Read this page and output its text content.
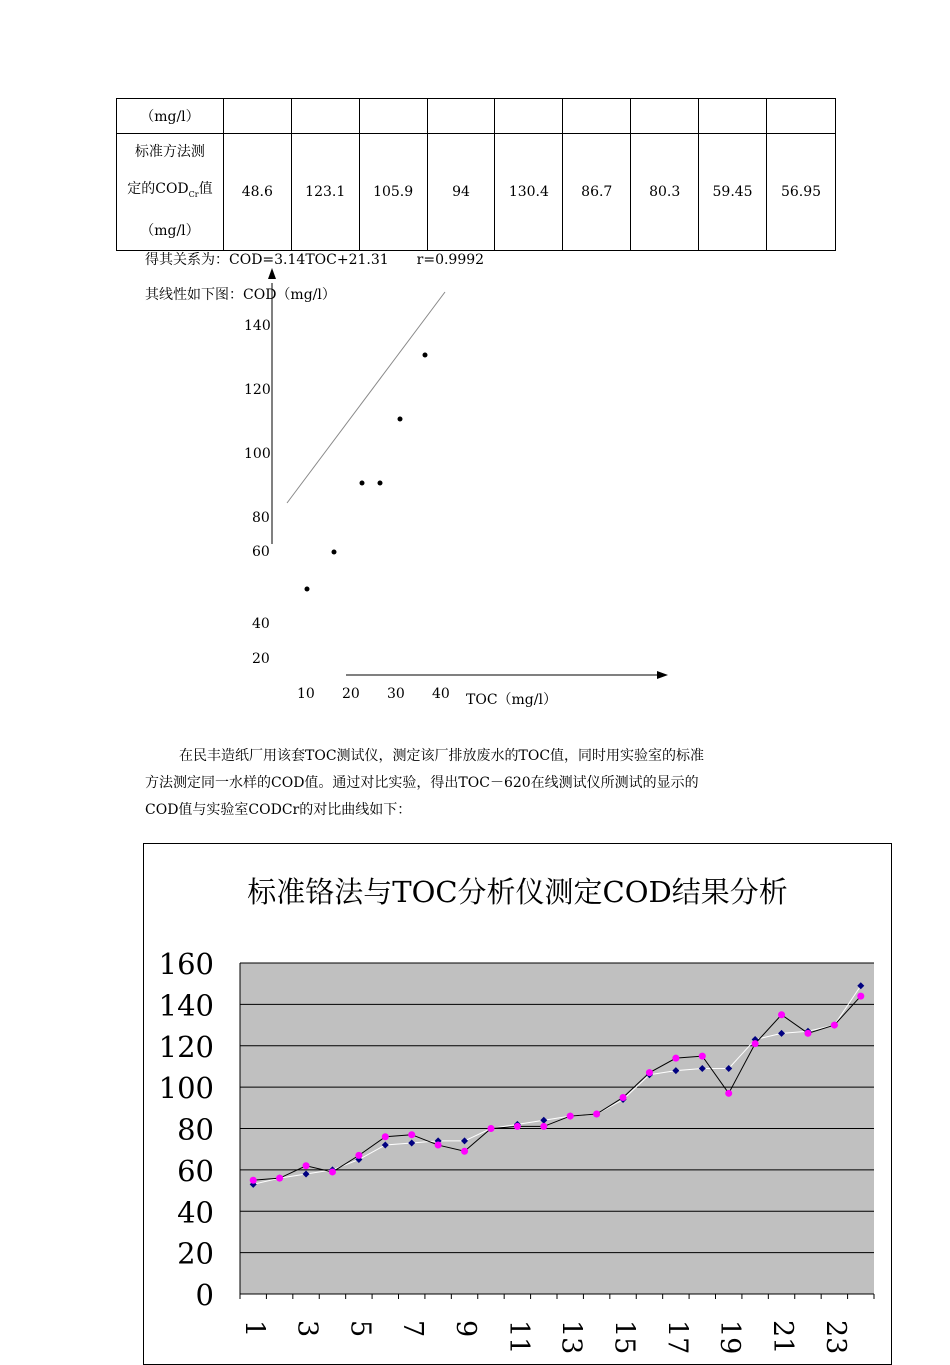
（mg/l）									

标准方法测
定的$COD_{Cr}$值
（mg/l）	48.6	123.1	105.9	94	130.4	86.7	80.3	59.45	56.95
得其关系为：COD=3.14TOC+21.31　　r=0.9992
其线性如下图：COD（mg/l）
140
120
100
80
60
40
20
10 20 30 40 TOC（mg/l）
在民丰造纸厂用该套TOC测试仪，测定该厂排放废水的TOC值，同时用实验室的标准
方法测定同一水样的COD值。通过对比实验，得出TOC－620在线测试仪所测试的显示的
COD值与实验室CODCr的对比曲线如下：
标准铬法与TOC分析仪测定COD结果分析
0
20
40
60
80
100
120
140
160
1 3 5 7 9 11 13 15 17 19 21 23
